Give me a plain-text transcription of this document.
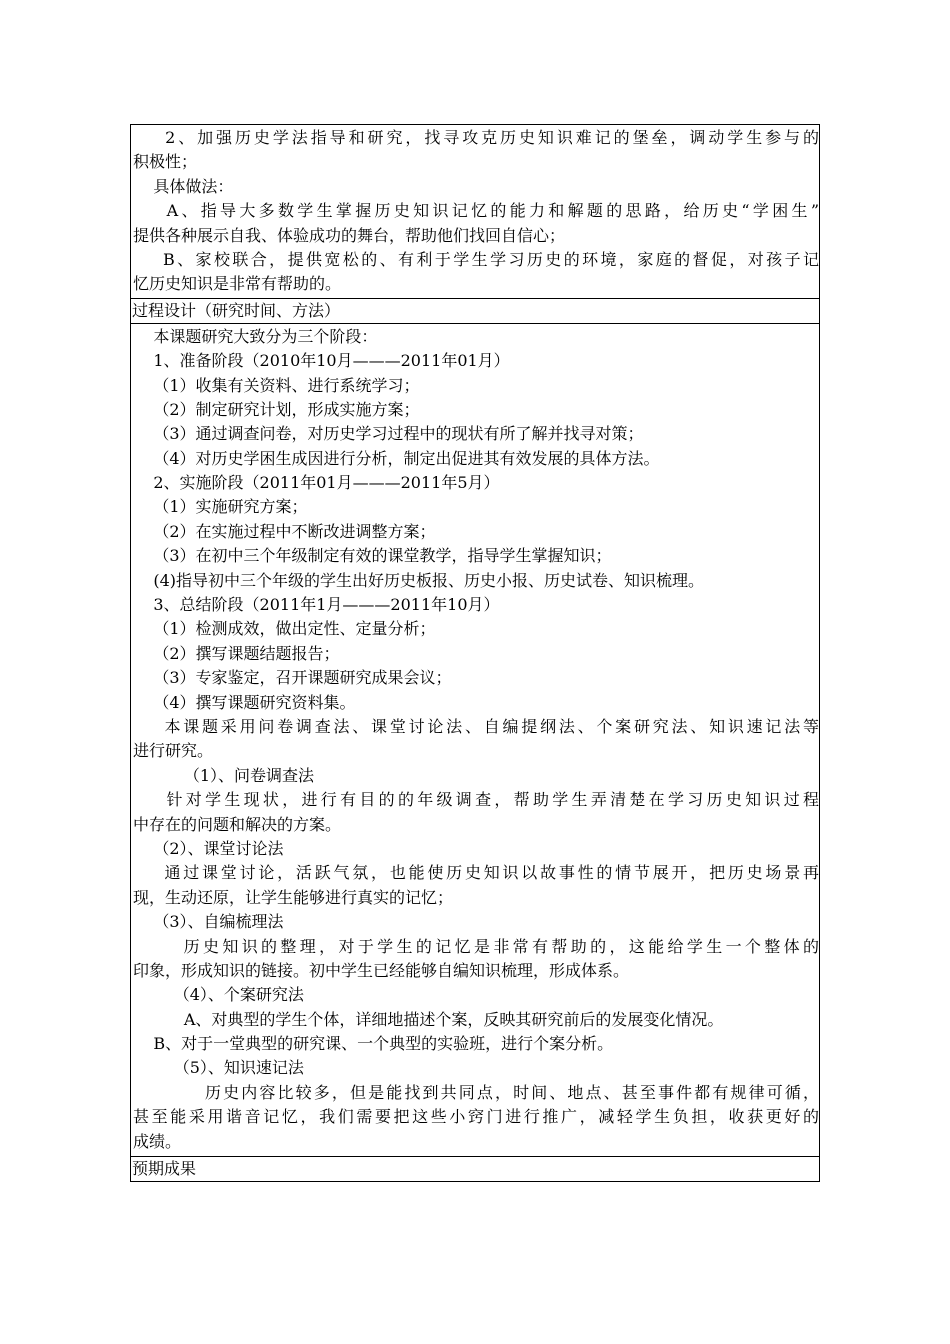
2、加强历史学法指导和研究，找寻攻克历史知识难记的堡垒，调动学生参与的
积极性；
具体做法：
A、指导大多数学生掌握历史知识记忆的能力和解题的思路，给历史“学困生”
提供各种展示自我、体验成功的舞台，帮助他们找回自信心；
B、家校联合，提供宽松的、有利于学生学习历史的环境，家庭的督促，对孩子记
忆历史知识是非常有帮助的。
过程设计（研究时间、方法）
本课题研究大致分为三个阶段：
1、准备阶段（2010年10月———2011年01月）
（1）收集有关资料、进行系统学习；
（2）制定研究计划，形成实施方案；
（3）通过调查问卷，对历史学习过程中的现状有所了解并找寻对策；
（4）对历史学困生成因进行分析，制定出促进其有效发展的具体方法。
2、实施阶段（2011年01月———2011年5月）
（1）实施研究方案；
（2）在实施过程中不断改进调整方案；
（3）在初中三个年级制定有效的课堂教学，指导学生掌握知识；
(4)指导初中三个年级的学生出好历史板报、历史小报、历史试卷、知识梳理。
3、总结阶段（2011年1月———2011年10月）
（1）检测成效，做出定性、定量分析；
（2）撰写课题结题报告；
（3）专家鉴定，召开课题研究成果会议；
（4）撰写课题研究资料集。
本课题采用问卷调查法、课堂讨论法、自编提纲法、个案研究法、知识速记法等
进行研究。
（1）、问卷调查法
针对学生现状，进行有目的的年级调查，帮助学生弄清楚在学习历史知识过程
中存在的问题和解决的方案。
（2）、课堂讨论法
通过课堂讨论，活跃气氛，也能使历史知识以故事性的情节展开，把历史场景再
现，生动还原，让学生能够进行真实的记忆；
（3）、自编梳理法
历史知识的整理，对于学生的记忆是非常有帮助的，这能给学生一个整体的
印象，形成知识的链接。初中学生已经能够自编知识梳理，形成体系。
（4）、个案研究法
A、对典型的学生个体，详细地描述个案，反映其研究前后的发展变化情况。
B、对于一堂典型的研究课、一个典型的实验班，进行个案分析。
（5）、知识速记法
历史内容比较多，但是能找到共同点，时间、地点、甚至事件都有规律可循，
甚至能采用谐音记忆，我们需要把这些小窍门进行推广，减轻学生负担，收获更好的
成绩。
预期成果
